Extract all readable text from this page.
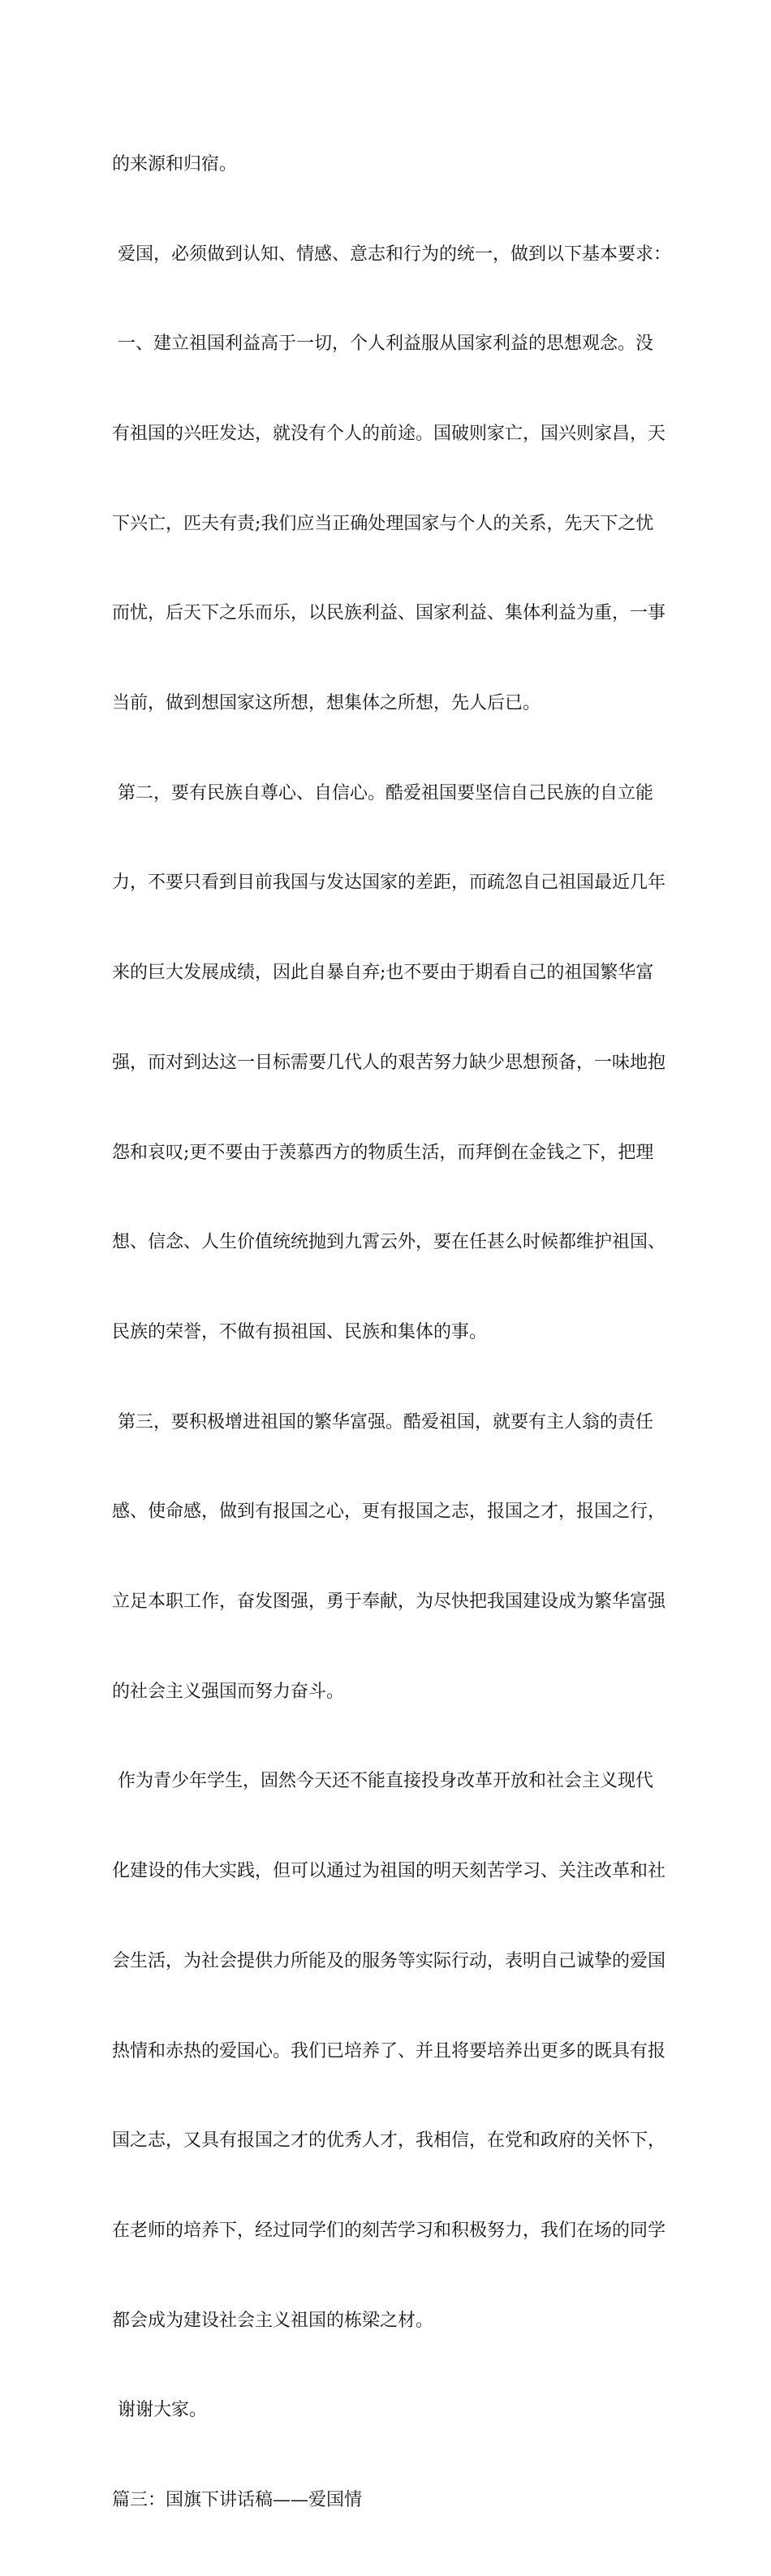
的来源和归宿。

爱国，必须做到认知、情感、意志和行为的统一，做到以下基本要求：

一、建立祖国利益高于一切，个人利益服从国家利益的思想观念。没

有祖国的兴旺发达，就没有个人的前途。国破则家亡，国兴则家昌，天

下兴亡，匹夫有责;我们应当正确处理国家与个人的关系，先天下之忧

而忧，后天下之乐而乐，以民族利益、国家利益、集体利益为重，一事

当前，做到想国家这所想，想集体之所想，先人后已。

第二，要有民族自尊心、自信心。酷爱祖国要坚信自己民族的自立能

力，不要只看到目前我国与发达国家的差距，而疏忽自己祖国最近几年

来的巨大发展成绩，因此自暴自弃;也不要由于期看自己的祖国繁华富

强，而对到达这一目标需要几代人的艰苦努力缺少思想预备，一味地抱

怨和哀叹;更不要由于羡慕西方的物质生活，而拜倒在金钱之下，把理

想、信念、人生价值统统抛到九霄云外，要在任甚么时候都维护祖国、

民族的荣誉，不做有损祖国、民族和集体的事。

第三，要积极增进祖国的繁华富强。酷爱祖国，就要有主人翁的责任

感、使命感，做到有报国之心，更有报国之志，报国之才，报国之行，

立足本职工作，奋发图强，勇于奉献，为尽快把我国建设成为繁华富强

的社会主义强国而努力奋斗。

作为青少年学生，固然今天还不能直接投身改革开放和社会主义现代

化建设的伟大实践，但可以通过为祖国的明天刻苦学习、关注改革和社

会生活，为社会提供力所能及的服务等实际行动，表明自己诚挚的爱国

热情和赤热的爱国心。我们已培养了、并且将要培养出更多的既具有报

国之志，又具有报国之才的优秀人才，我相信，在党和政府的关怀下，

在老师的培养下，经过同学们的刻苦学习和积极努力，我们在场的同学

都会成为建设社会主义祖国的栋梁之材。

谢谢大家。

篇三：国旗下讲话稿——爱国情
